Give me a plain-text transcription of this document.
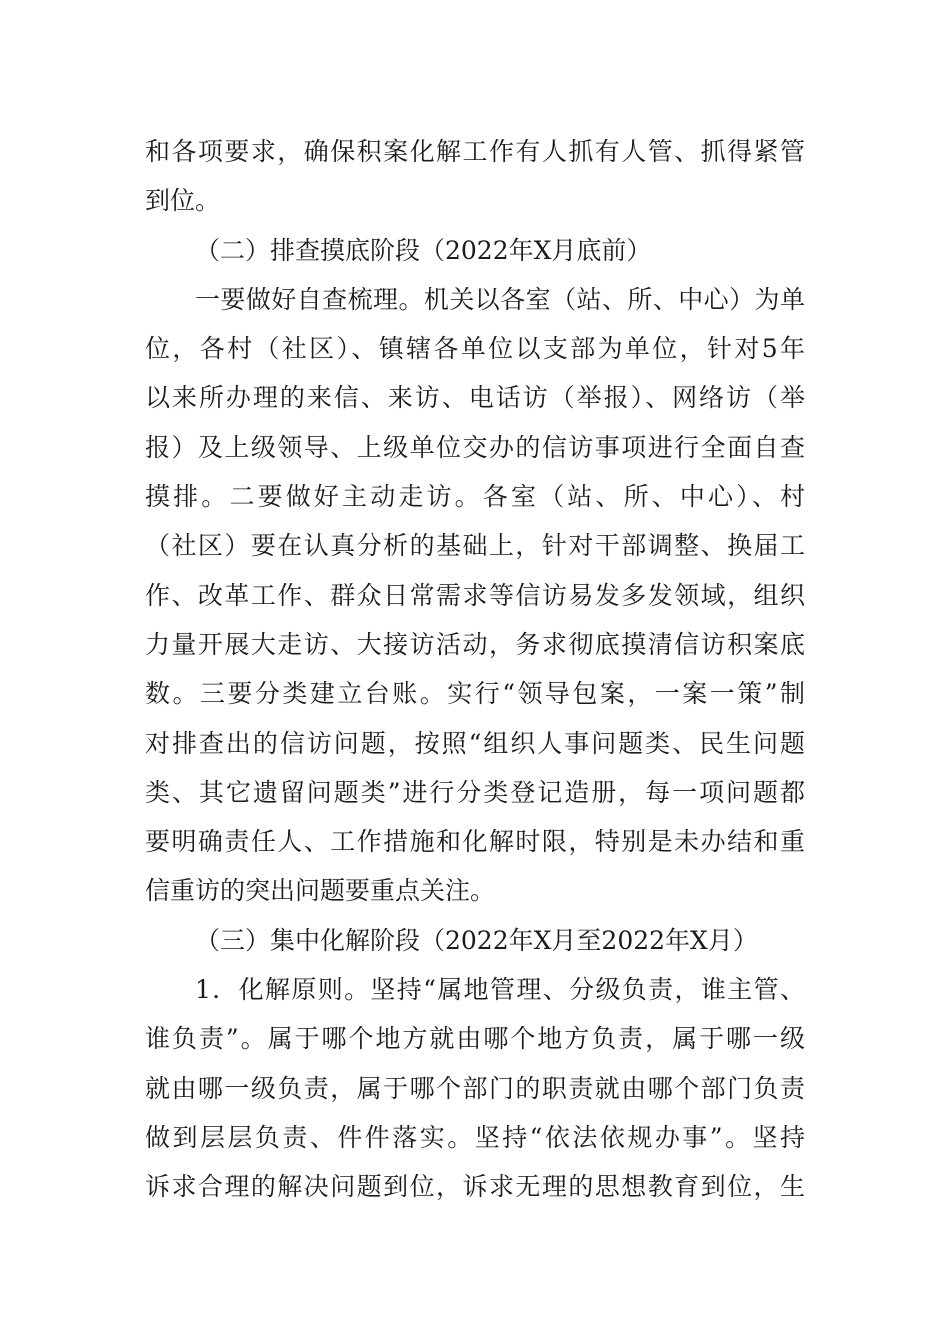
和各项要求，确保积案化解工作有人抓有人管、抓得紧管
到位。
（二）排查摸底阶段（2022年X月底前）
一要做好自查梳理。机关以各室（站、所、中心）为单
位，各村（社区）、镇辖各单位以支部为单位，针对5年
以来所办理的来信、来访、电话访（举报）、网络访（举
报）及上级领导、上级单位交办的信访事项进行全面自查
摸排。二要做好主动走访。各室（站、所、中心）、村
（社区）要在认真分析的基础上，针对干部调整、换届工
作、改革工作、群众日常需求等信访易发多发领域，组织
力量开展大走访、大接访活动，务求彻底摸清信访积案底
数。三要分类建立台账。实行“领导包案，一案一策”制
对排查出的信访问题，按照“组织人事问题类、民生问题
类、其它遗留问题类”进行分类登记造册，每一项问题都
要明确责任人、工作措施和化解时限，特别是未办结和重
信重访的突出问题要重点关注。
（三）集中化解阶段（2022年X月至2022年X月）
1．化解原则。坚持“属地管理、分级负责，谁主管、
谁负责”。属于哪个地方就由哪个地方负责，属于哪一级
就由哪一级负责，属于哪个部门的职责就由哪个部门负责
做到层层负责、件件落实。坚持“依法依规办事”。坚持
诉求合理的解决问题到位，诉求无理的思想教育到位，生
